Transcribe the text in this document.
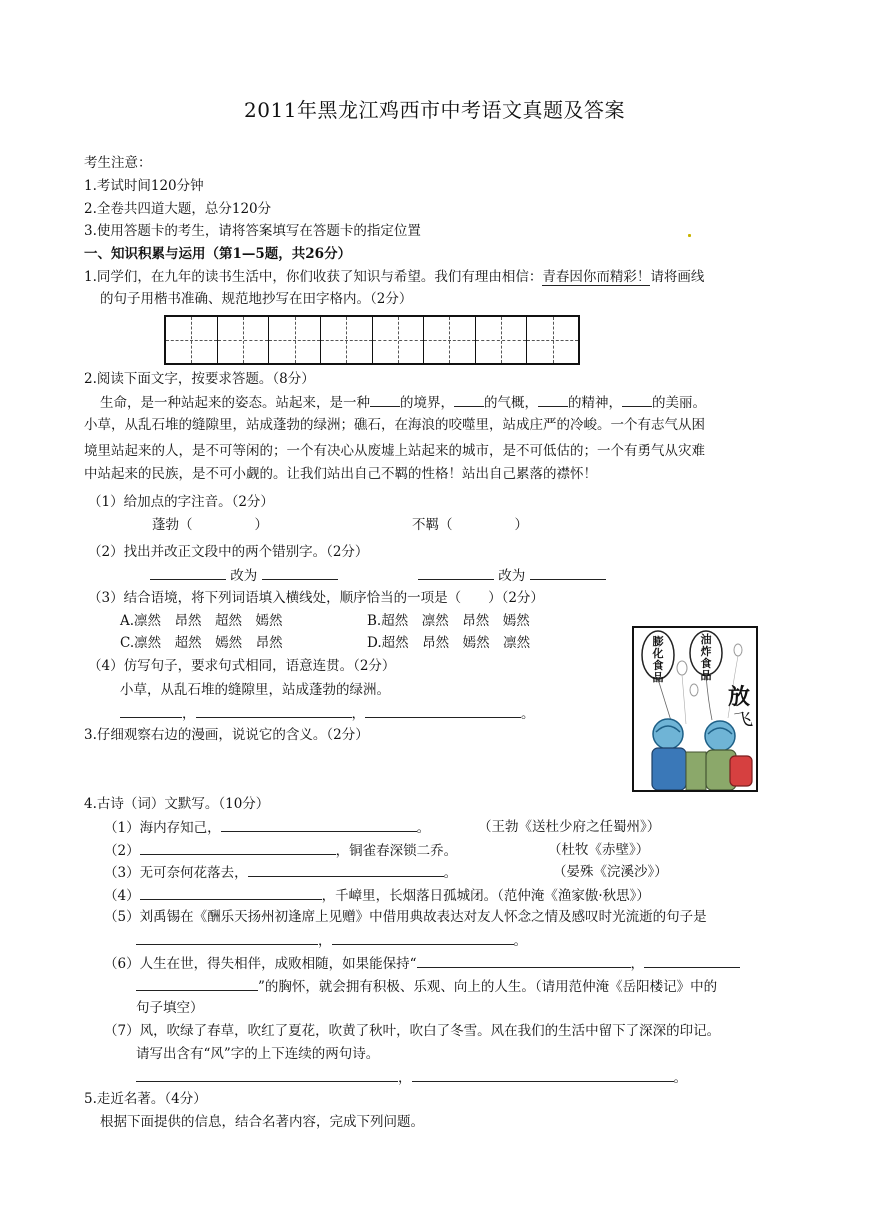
2011年黑龙江鸡西市中考语文真题及答案
考生注意：
1.考试时间120分钟
2.全卷共四道大题，总分120分
3.使用答题卡的考生，请将答案填写在答题卡的指定位置
一、知识积累与运用（第1—5题，共26分）
1.同学们，在九年的读书生活中，你们收获了知识与希望。我们有理由相信：青春因你而精彩！请将画线
的句子用楷书准确、规范地抄写在田字格内。（2分）
2.阅读下面文字，按要求答题。（8分）
生命，是一种站起来的姿态。站起来，是一种 的境界， 的气概， 的精神， 的美丽。
小草，从乱石堆的缝隙里，站成蓬勃的绿洲；礁石，在海浪的咬噬里，站成庄严的冷峻。一个有志气从困
境里站起来的人，是不可等闲的；一个有决心从废墟上站起来的城市，是不可低估的；一个有勇气从灾难
中站起来的民族，是不可小觑的。让我们站出自己不羁的性格！站出自己累落的襟怀！
（1）给加点的字注音。（2分）
蓬勃（	）	不羁（	）
（2）找出并改正文段中的两个错别字。（2分）
改为	改为
（3）结合语境，将下列词语填入横线处，顺序恰当的一项是（　　）（2分）
A.凛然　昂然　超然　嫣然	B.超然　凛然　昂然　嫣然
C.凛然　超然　嫣然　昂然	D.超然　昂然　嫣然　凛然
（4）仿写句子，要求句式相同，语意连贯。（2分）
小草，从乱石堆的缝隙里，站成蓬勃的绿洲。
，	，	。
3.仔细观察右边的漫画，说说它的含义。（2分）
膨化食品
油炸食品
放
飞
4.古诗（词）文默写。（10分）
（1）海内存知己，	。	（王勃《送杜少府之任蜀州》）
（2）	，铜雀春深锁二乔。	（杜牧《赤壁》）
（3）无可奈何花落去，	。	（晏殊《浣溪沙》）
（4）	，千嶂里，长烟落日孤城闭。（范仲淹《渔家傲·秋思》）
（5）刘禹锡在《酬乐天扬州初逢席上见赠》中借用典故表达对友人怀念之情及感叹时光流逝的句子是
，	。
（6）人生在世，得失相伴，成败相随，如果能保持“	，
”的胸怀，就会拥有积极、乐观、向上的人生。（请用范仲淹《岳阳楼记》中的
句子填空）
（7）风，吹绿了春草，吹红了夏花，吹黄了秋叶，吹白了冬雪。风在我们的生活中留下了深深的印记。
请写出含有“风”字的上下连续的两句诗。
，	。
5.走近名著。（4分）
根据下面提供的信息，结合名著内容，完成下列问题。
